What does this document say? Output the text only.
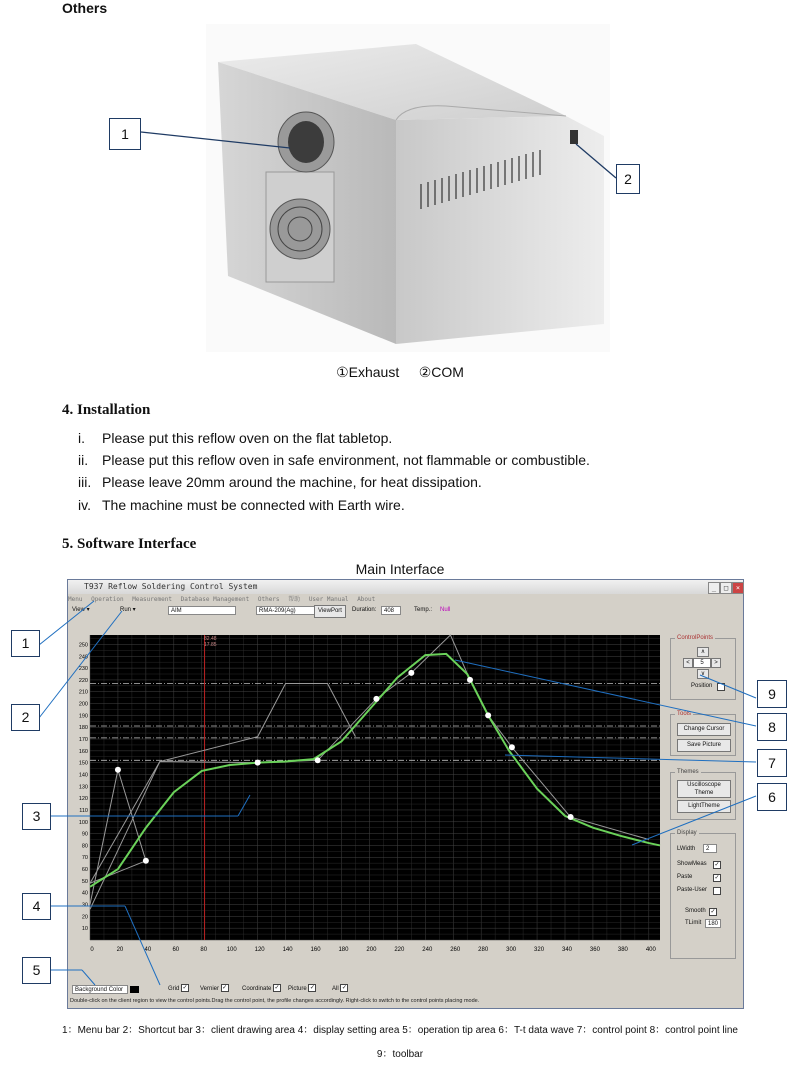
Others
1
2
①Exhaust ②COM
4. Installation
i. Please put this reflow oven on the flat tabletop.
ii. Please put this reflow oven in safe environment, not flammable or combustible.
iii. Please leave 20mm around the machine, for heat dissipation.
iv. The machine must be connected with Earth wire.
5. Software Interface
Main Interface
T937 Reflow Soldering Control System	_	□	×
Menu Operation Measurement Database Management Others 帮助 User Manual About
View ▾	Run ▾	AIM	RMA-209(Ag)	ViewPort	Duration:	408	Temp.: Null
0	20	40	60	80	100	120	140	160	180	200	220	240	260	280	300	320	340	360	380	400
10
20
30
40
50
60
70
80
90
100
110
120
130
140
150
160
170
180
190
200
210
220
230
240
250
82.48
17.85
ControlPoints
∧
<	5	>
∨
Position
Tools
Change Cursor
Save Picture
Themes
Uscilloscope Theme
LightTheme
Display
LWidth	2
ShowMeas ✓
Paste	✓
Paste-User
Smooth ✓
TLimit	180
Background Color	Grid ✓ Vernier ✓ Coordinate ✓ Picture ✓	All ✓
Double-click on the client region to view the control points.Drag the control point, the profile changes accordingly. Right-click to switch to the control points placing mode.
1
2
3
4
5
6
7
8
9
1：Menu bar 2：Shortcut bar 3：client drawing area 4：display setting area 5：operation tip area 6：T-t data wave 7：control point 8：control point line
9：toolbar
